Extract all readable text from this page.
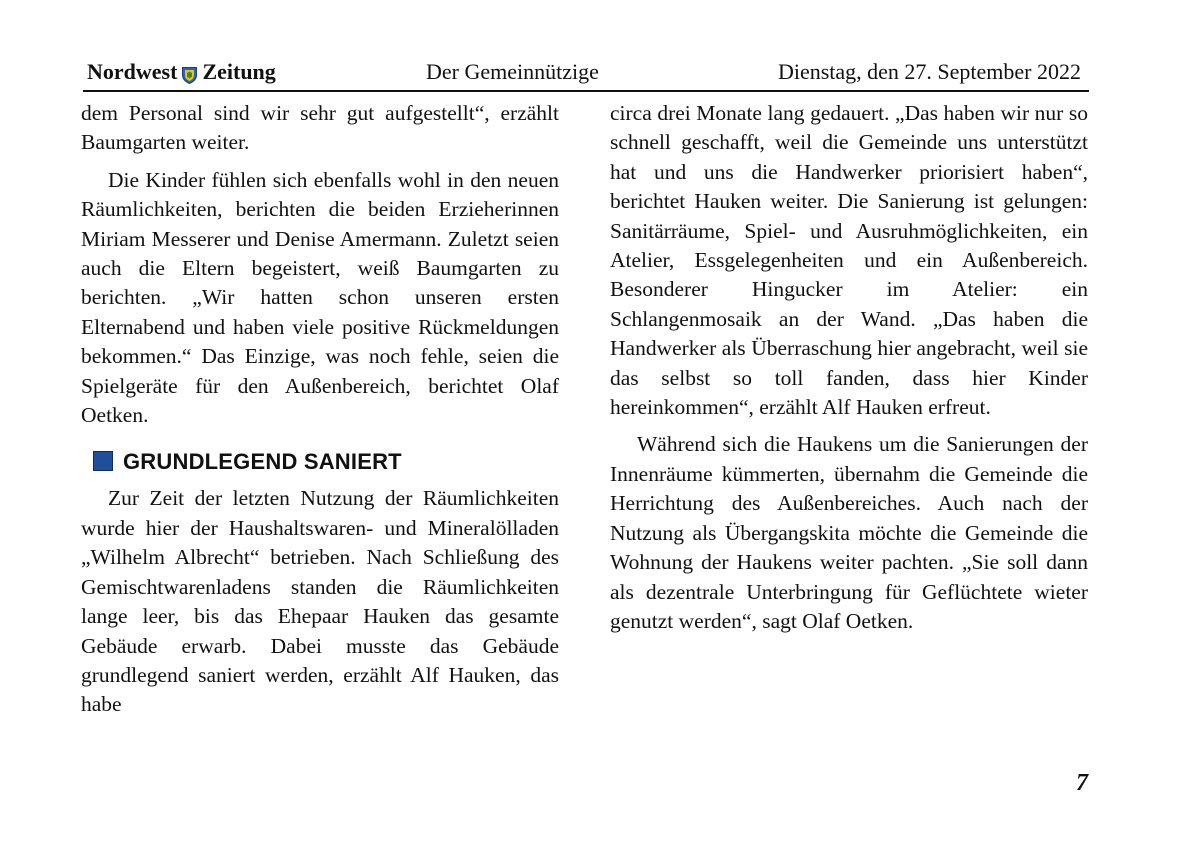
Nordwest Zeitung	Der Gemeinnützige	Dienstag, den 27. September 2022

dem Personal sind wir sehr gut aufgestellt“, erzählt Baumgarten weiter.

Die Kinder fühlen sich ebenfalls wohl in den neuen Räumlichkeiten, berichten die beiden Erzieherinnen Miriam Messerer und Denise Amermann. Zuletzt seien auch die Eltern begeistert, weiß Baumgarten zu berichten. „Wir hatten schon unseren ersten Elternabend und haben viele positive Rückmeldungen bekommen.“ Das Einzige, was noch fehle, seien die Spielgeräte für den Außenbereich, berichtet Olaf Oetken.

GRUNDLEGEND SANIERT

Zur Zeit der letzten Nutzung der Räumlichkeiten wurde hier der Haushaltswaren- und Mineralölladen „Wilhelm Albrecht“ betrieben. Nach Schließung des Gemischtwarenladens standen die Räumlichkeiten lange leer, bis das Ehepaar Hauken das gesamte Gebäude erwarb. Dabei musste das Gebäude grundlegend saniert werden, erzählt Alf Hauken, das habe

circa drei Monate lang gedauert. „Das haben wir nur so schnell geschafft, weil die Gemeinde uns unterstützt hat und uns die Handwerker priorisiert haben“, berichtet Hauken weiter. Die Sanierung ist gelungen: Sanitärräume, Spiel- und Ausruhmöglichkeiten, ein Atelier, Essgelegenheiten und ein Außenbereich. Besonderer Hingucker im Atelier: ein Schlangenmosaik an der Wand. „Das haben die Handwerker als Überraschung hier angebracht, weil sie das selbst so toll fanden, dass hier Kinder hereinkommen“, erzählt Alf Hauken erfreut.

Während sich die Haukens um die Sanierungen der Innenräume kümmerten, übernahm die Gemeinde die Herrichtung des Außenbereiches. Auch nach der Nutzung als Übergangskita möchte die Gemeinde die Wohnung der Haukens weiter pachten. „Sie soll dann als dezentrale Unterbringung für Geflüchtete wieter genutzt werden“, sagt Olaf Oetken.

7
